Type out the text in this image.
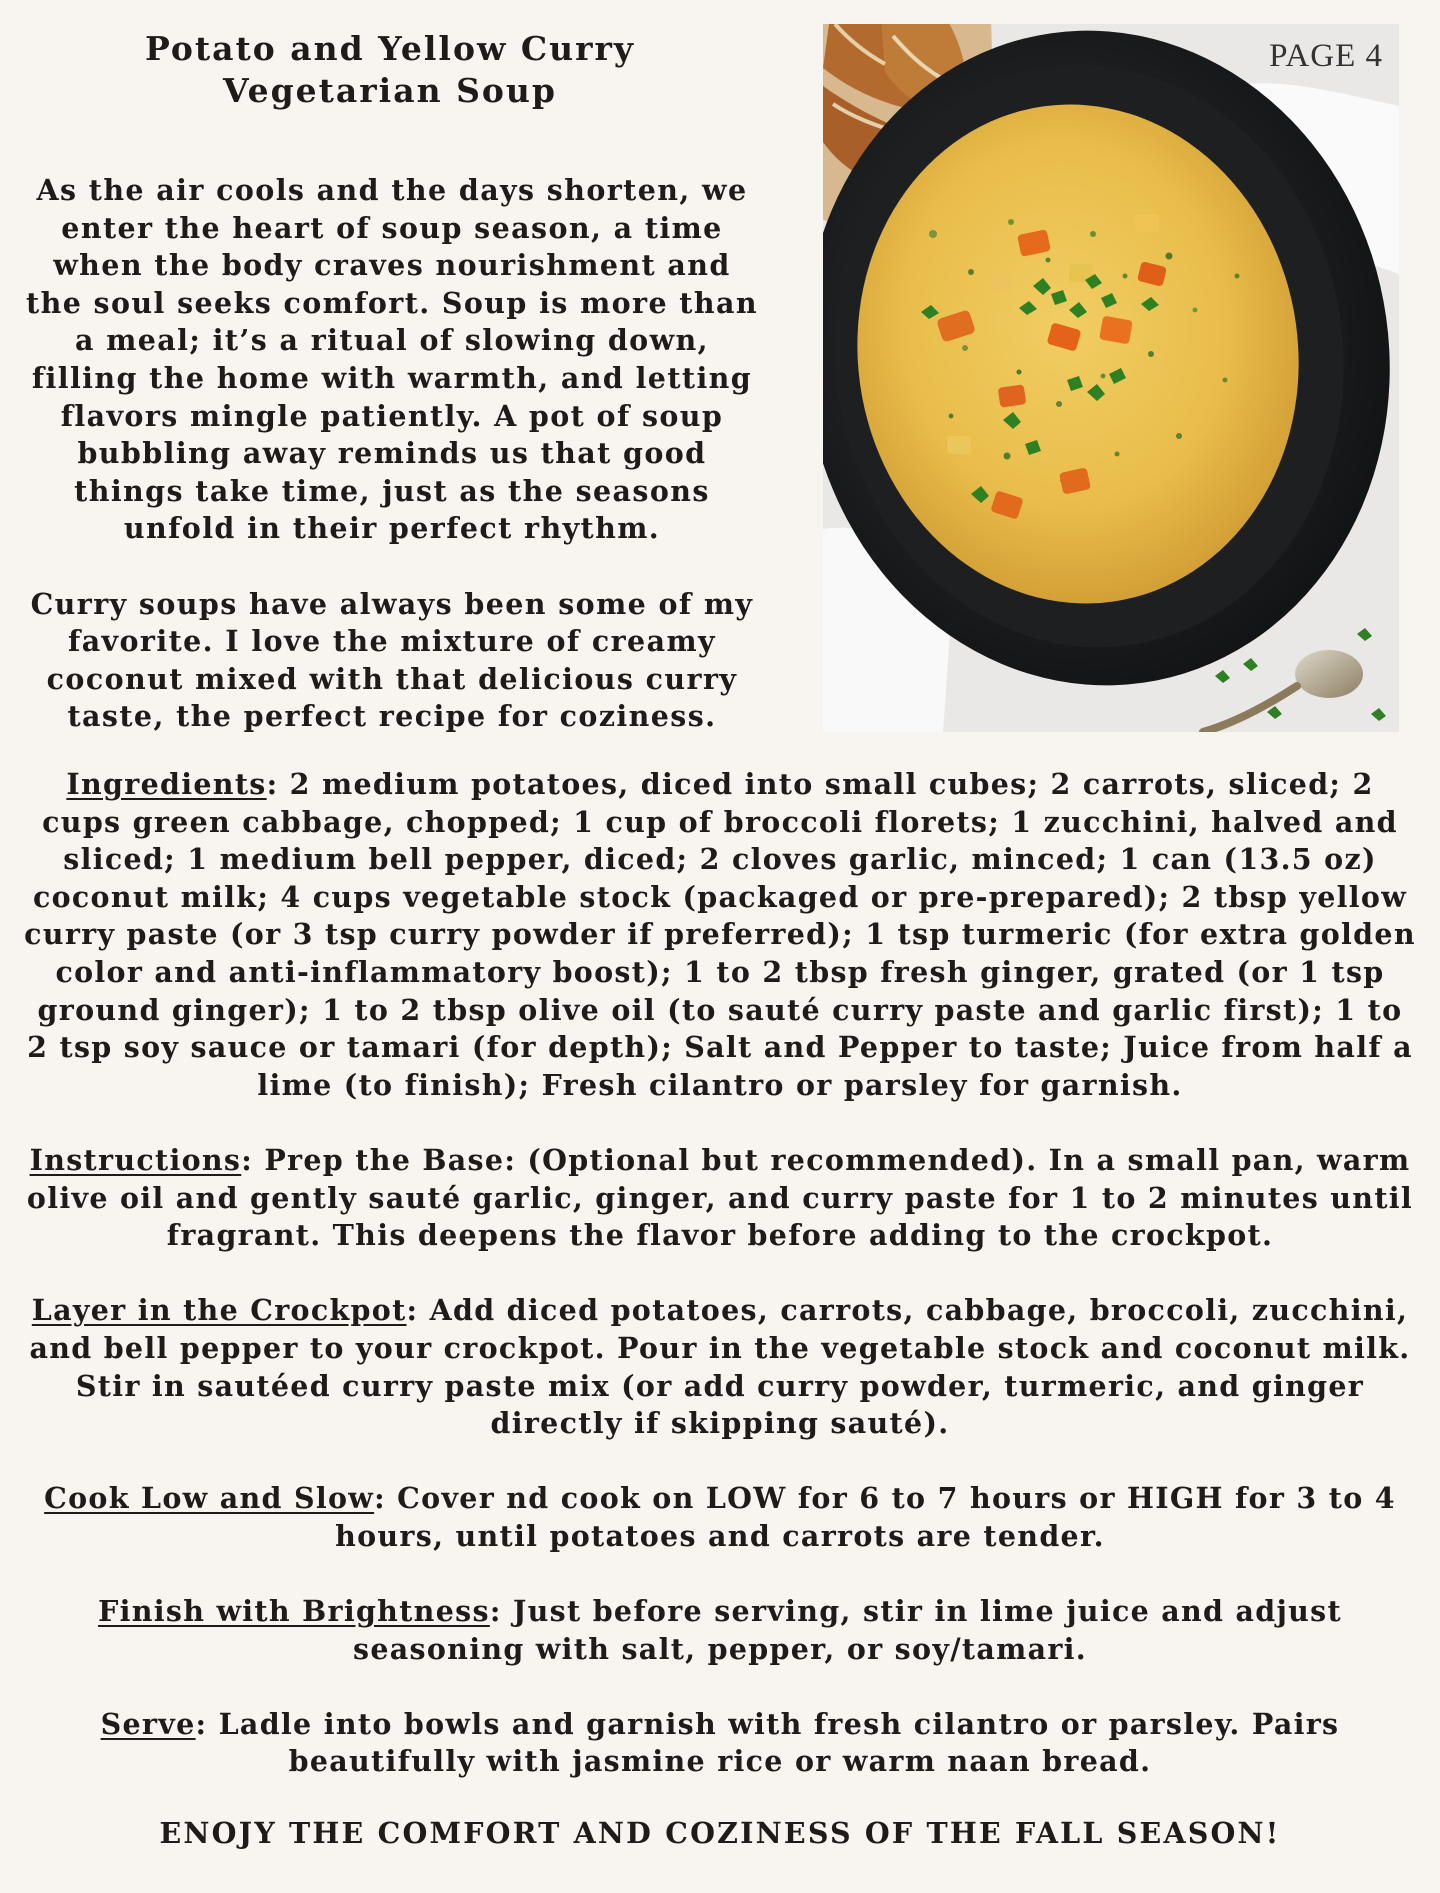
Potato and Yellow Curry
Vegetarian Soup

As the air cools and the days shorten, we enter the heart of soup season, a time when the body craves nourishment and the soul seeks comfort. Soup is more than a meal; it’s a ritual of slowing down, filling the home with warmth, and letting flavors mingle patiently. A pot of soup bubbling away reminds us that good things take time, just as the seasons unfold in their perfect rhythm.

Curry soups have always been some of my favorite. I love the mixture of creamy coconut mixed with that delicious curry taste, the perfect recipe for coziness.

PAGE 4

Ingredients: 2 medium potatoes, diced into small cubes; 2 carrots, sliced; 2 cups green cabbage, chopped; 1 cup of broccoli florets; 1 zucchini, halved and sliced; 1 medium bell pepper, diced; 2 cloves garlic, minced; 1 can (13.5 oz) coconut milk; 4 cups vegetable stock (packaged or pre-prepared); 2 tbsp yellow curry paste (or 3 tsp curry powder if preferred); 1 tsp turmeric (for extra golden color and anti-inflammatory boost); 1 to 2 tbsp fresh ginger, grated (or 1 tsp ground ginger); 1 to 2 tbsp olive oil (to sauté curry paste and garlic first); 1 to 2 tsp soy sauce or tamari (for depth); Salt and Pepper to taste; Juice from half a lime (to finish); Fresh cilantro or parsley for garnish.

Instructions: Prep the Base: (Optional but recommended). In a small pan, warm olive oil and gently sauté garlic, ginger, and curry paste for 1 to 2 minutes until fragrant. This deepens the flavor before adding to the crockpot.

Layer in the Crockpot: Add diced potatoes, carrots, cabbage, broccoli, zucchini, and bell pepper to your crockpot. Pour in the vegetable stock and coconut milk. Stir in sautéed curry paste mix (or add curry powder, turmeric, and ginger directly if skipping sauté).

Cook Low and Slow: Cover nd cook on LOW for 6 to 7 hours or HIGH for 3 to 4 hours, until potatoes and carrots are tender.

Finish with Brightness: Just before serving, stir in lime juice and adjust seasoning with salt, pepper, or soy/tamari.

Serve: Ladle into bowls and garnish with fresh cilantro or parsley. Pairs beautifully with jasmine rice or warm naan bread.

ENOJY THE COMFORT AND COZINESS OF THE FALL SEASON!
